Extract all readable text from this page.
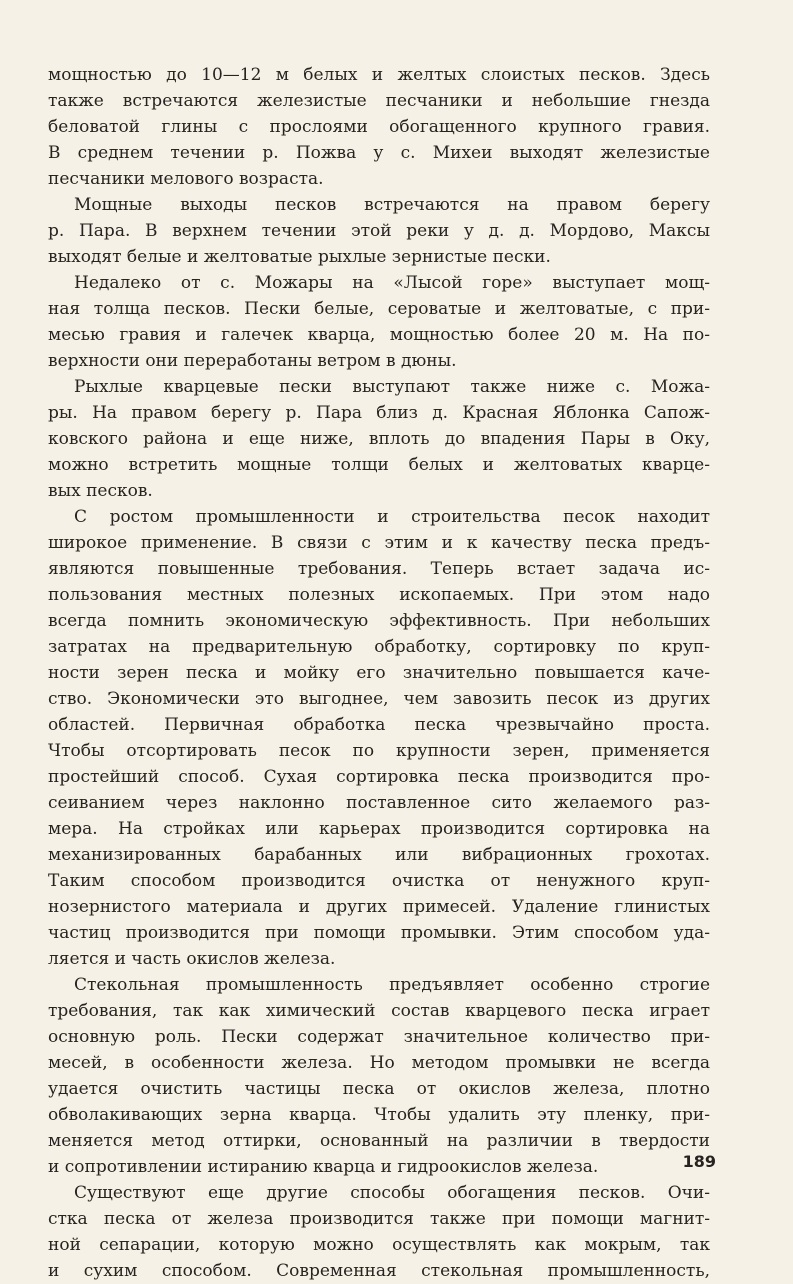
мощностью до 10—12 м белых и желтых слоистых песков. Здесь
также встречаются железистые песчаники и небольшие гнезда
беловатой глины с прослоями обогащенного крупного гравия.
В среднем течении р. Пожва у с. Михеи выходят железистые
песчаники мелового возраста.
Мощные выходы песков встречаются на правом берегу
р. Пара. В верхнем течении этой реки у д. д. Мордово, Максы
выходят белые и желтоватые рыхлые зернистые пески.
Недалеко от с. Можары на «Лысой горе» выступает мощ-
ная толща песков. Пески белые, сероватые и желтоватые, с при-
месью гравия и галечек кварца, мощностью более 20 м. На по-
верхности они переработаны ветром в дюны.
Рыхлые кварцевые пески выступают также ниже с. Можа-
ры. На правом берегу р. Пара близ д. Красная Яблонка Сапож-
ковского района и еще ниже, вплоть до впадения Пары в Оку,
можно встретить мощные толщи белых и желтоватых кварце-
вых песков.
С ростом промышленности и строительства песок находит
широкое применение. В связи с этим и к качеству песка предъ-
являются повышенные требования. Теперь встает задача ис-
пользования местных полезных ископаемых. При этом надо
всегда помнить экономическую эффективность. При небольших
затратах на предварительную обработку, сортировку по круп-
ности зерен песка и мойку его значительно повышается каче-
ство. Экономически это выгоднее, чем завозить песок из других
областей. Первичная обработка песка чрезвычайно проста.
Чтобы отсортировать песок по крупности зерен, применяется
простейший способ. Сухая сортировка песка производится про-
сеиванием через наклонно поставленное сито желаемого раз-
мера. На стройках или карьерах производится сортировка на
механизированных барабанных или вибрационных грохотах.
Таким способом производится очистка от ненужного круп-
нозернистого материала и других примесей. Удаление глинистых
частиц производится при помощи промывки. Этим способом уда-
ляется и часть окислов железа.
Стекольная промышленность предъявляет особенно строгие
требования, так как химический состав кварцевого песка играет
основную роль. Пески содержат значительное количество при-
месей, в особенности железа. Но методом промывки не всегда
удается очистить частицы песка от окислов железа, плотно
обволакивающих зерна кварца. Чтобы удалить эту пленку, при-
меняется метод оттирки, основанный на различии в твердости
и сопротивлении истиранию кварца и гидроокислов железа.
Существуют еще другие способы обогащения песков. Очи-
стка песка от железа производится также при помощи магнит-
ной сепарации, которую можно осуществлять как мокрым, так
и сухим способом. Современная стекольная промышленность,
189
